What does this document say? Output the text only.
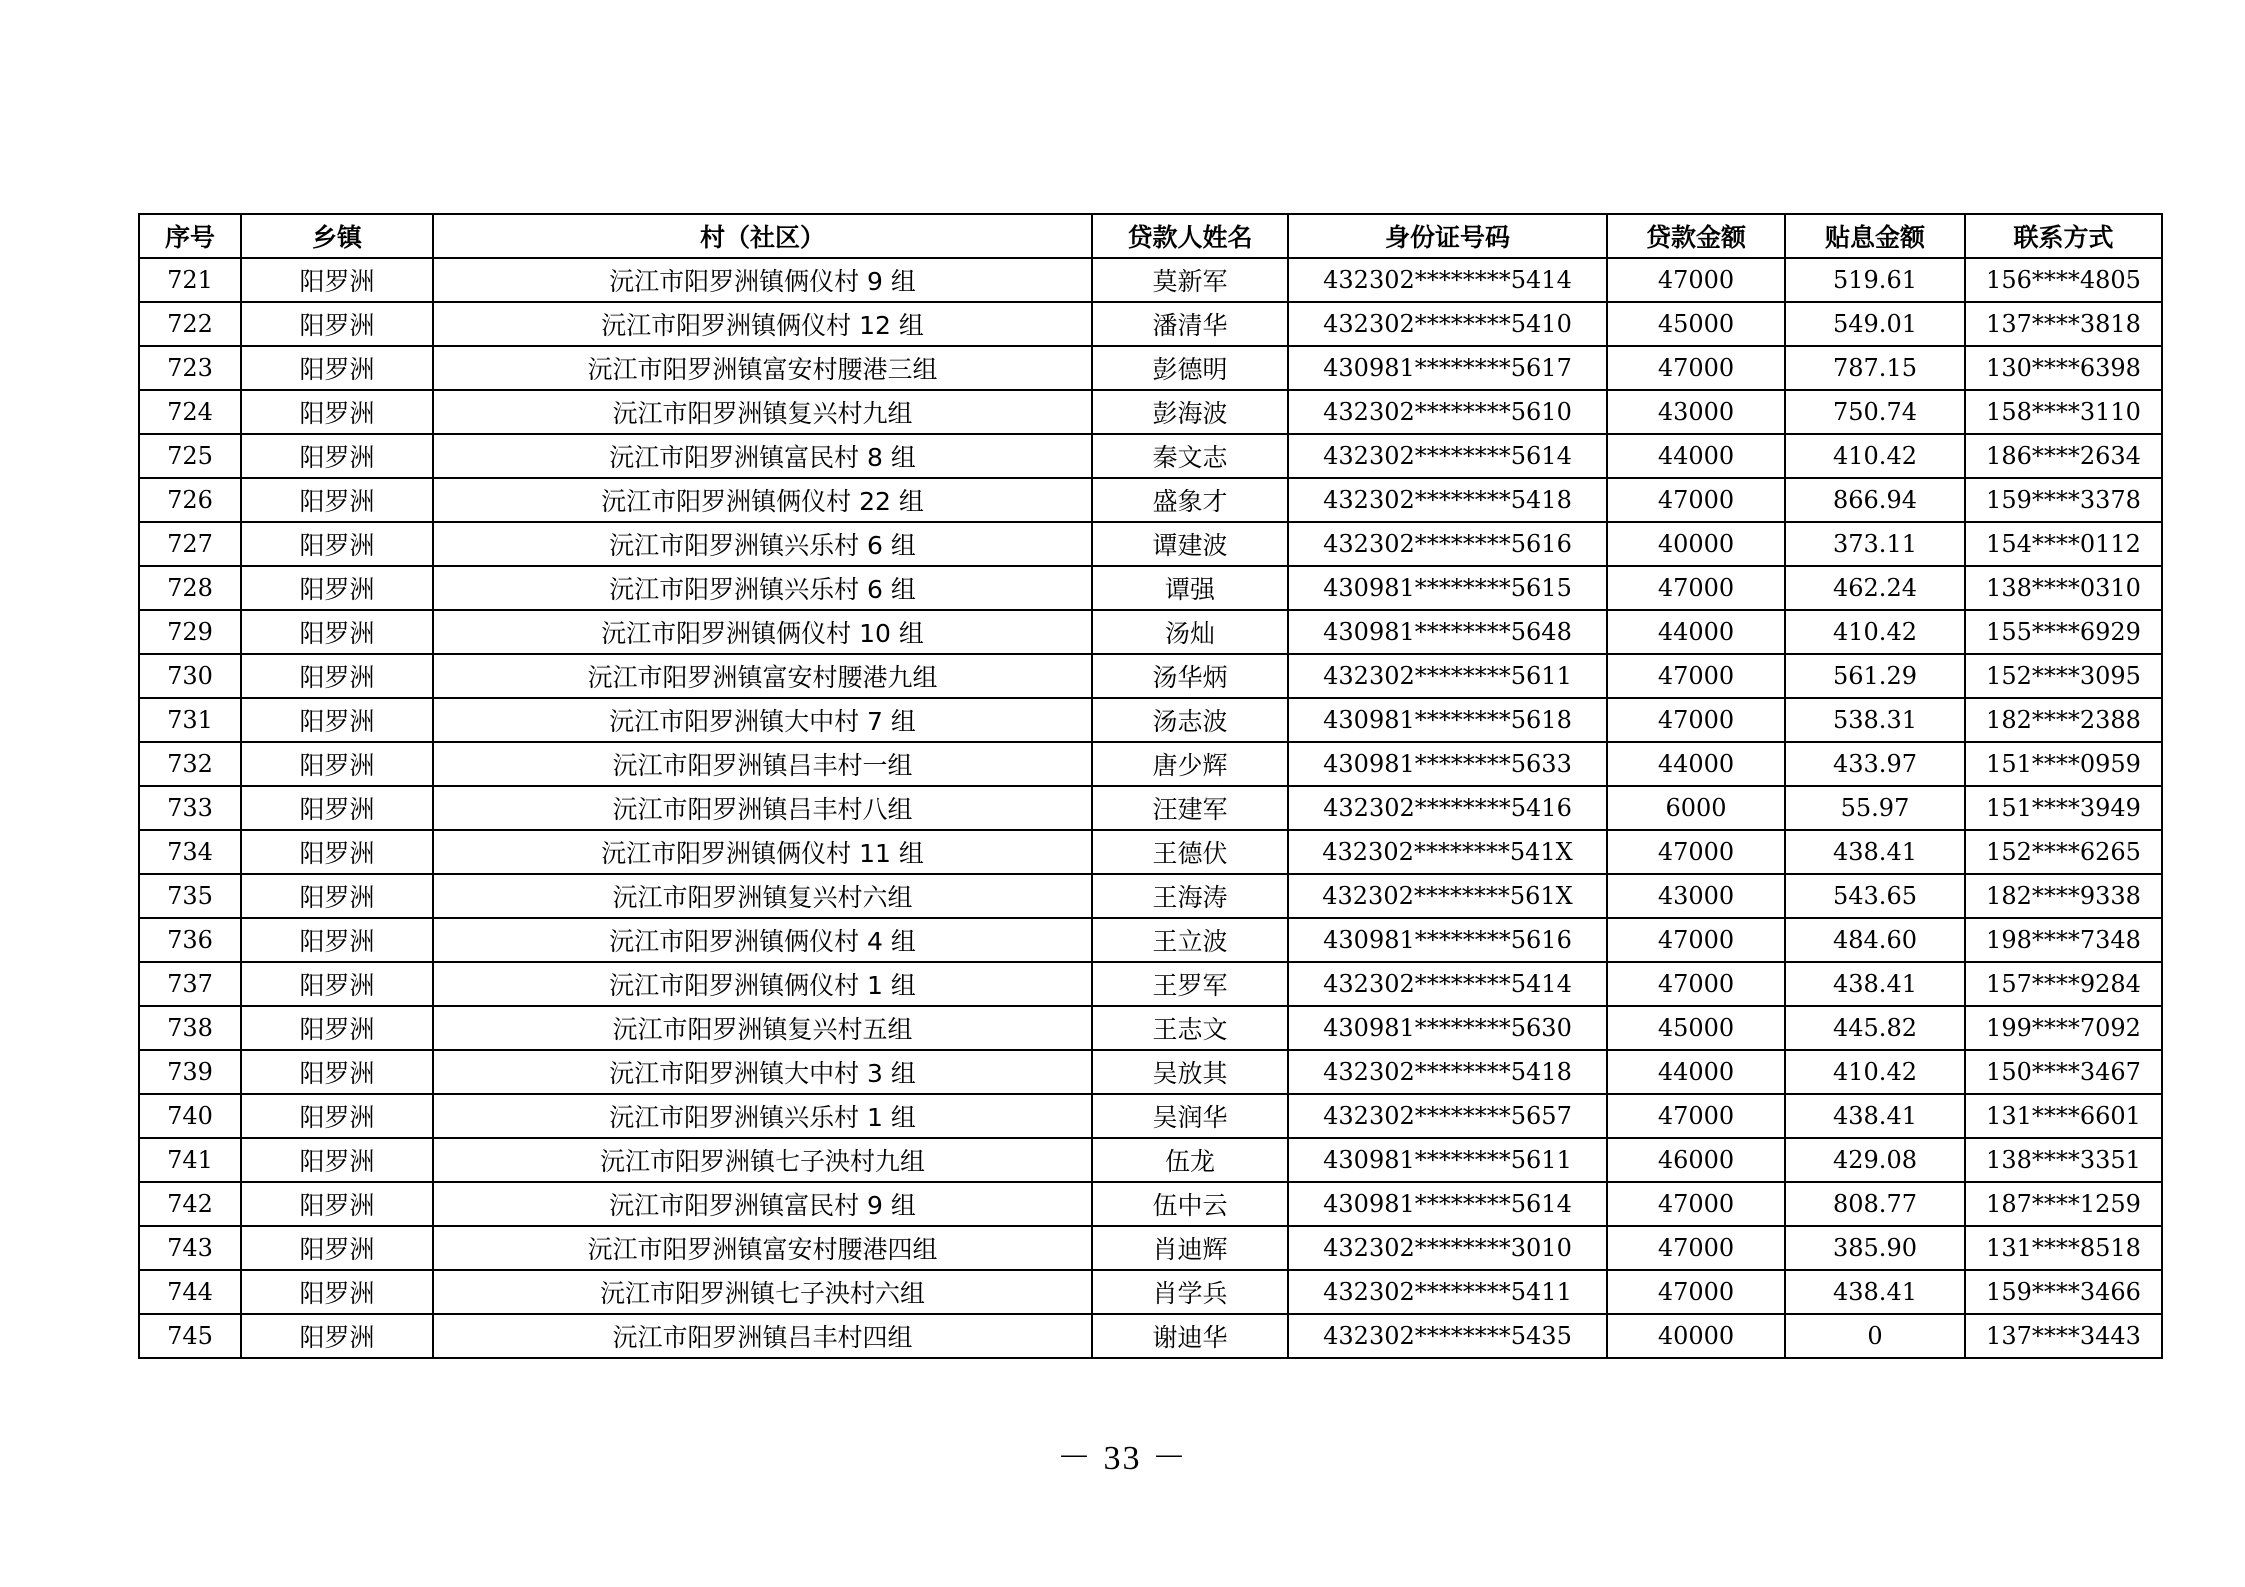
序号	乡镇	村（社区）	贷款人姓名	身份证号码	贷款金额	贴息金额	联系方式
721	阳罗洲	沅江市阳罗洲镇俩仪村 9 组	莫新军	432302********5414	47000	519.61	156****4805
722	阳罗洲	沅江市阳罗洲镇俩仪村 12 组	潘清华	432302********5410	45000	549.01	137****3818
723	阳罗洲	沅江市阳罗洲镇富安村腰港三组	彭德明	430981********5617	47000	787.15	130****6398
724	阳罗洲	沅江市阳罗洲镇复兴村九组	彭海波	432302********5610	43000	750.74	158****3110
725	阳罗洲	沅江市阳罗洲镇富民村 8 组	秦文志	432302********5614	44000	410.42	186****2634
726	阳罗洲	沅江市阳罗洲镇俩仪村 22 组	盛象才	432302********5418	47000	866.94	159****3378
727	阳罗洲	沅江市阳罗洲镇兴乐村 6 组	谭建波	432302********5616	40000	373.11	154****0112
728	阳罗洲	沅江市阳罗洲镇兴乐村 6 组	谭强	430981********5615	47000	462.24	138****0310
729	阳罗洲	沅江市阳罗洲镇俩仪村 10 组	汤灿	430981********5648	44000	410.42	155****6929
730	阳罗洲	沅江市阳罗洲镇富安村腰港九组	汤华炳	432302********5611	47000	561.29	152****3095
731	阳罗洲	沅江市阳罗洲镇大中村 7 组	汤志波	430981********5618	47000	538.31	182****2388
732	阳罗洲	沅江市阳罗洲镇吕丰村一组	唐少辉	430981********5633	44000	433.97	151****0959
733	阳罗洲	沅江市阳罗洲镇吕丰村八组	汪建军	432302********5416	6000	55.97	151****3949
734	阳罗洲	沅江市阳罗洲镇俩仪村 11 组	王德伏	432302********541X	47000	438.41	152****6265
735	阳罗洲	沅江市阳罗洲镇复兴村六组	王海涛	432302********561X	43000	543.65	182****9338
736	阳罗洲	沅江市阳罗洲镇俩仪村 4 组	王立波	430981********5616	47000	484.60	198****7348
737	阳罗洲	沅江市阳罗洲镇俩仪村 1 组	王罗军	432302********5414	47000	438.41	157****9284
738	阳罗洲	沅江市阳罗洲镇复兴村五组	王志文	430981********5630	45000	445.82	199****7092
739	阳罗洲	沅江市阳罗洲镇大中村 3 组	吴放其	432302********5418	44000	410.42	150****3467
740	阳罗洲	沅江市阳罗洲镇兴乐村 1 组	吴润华	432302********5657	47000	438.41	131****6601
741	阳罗洲	沅江市阳罗洲镇七子泱村九组	伍龙	430981********5611	46000	429.08	138****3351
742	阳罗洲	沅江市阳罗洲镇富民村 9 组	伍中云	430981********5614	47000	808.77	187****1259
743	阳罗洲	沅江市阳罗洲镇富安村腰港四组	肖迪辉	432302********3010	47000	385.90	131****8518
744	阳罗洲	沅江市阳罗洲镇七子泱村六组	肖学兵	432302********5411	47000	438.41	159****3466
745	阳罗洲	沅江市阳罗洲镇吕丰村四组	谢迪华	432302********5435	40000	0	137****3443
－ 33 －
